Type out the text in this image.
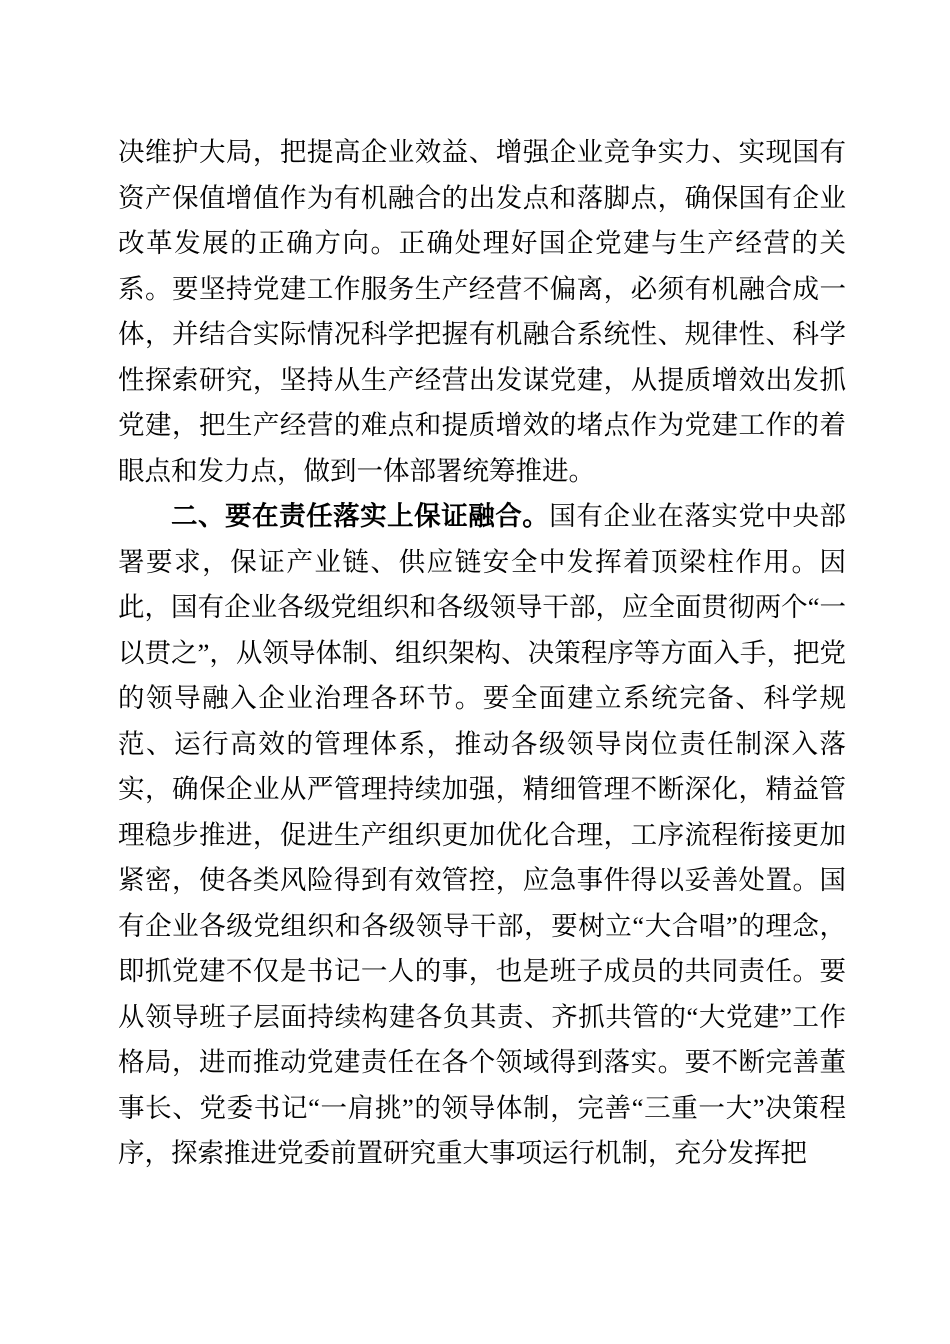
决维护大局，把提高企业效益、增强企业竞争实力、实现国有资产保值增值作为有机融合的出发点和落脚点，确保国有企业改革发展的正确方向。正确处理好国企党建与生产经营的关系。要坚持党建工作服务生产经营不偏离，必须有机融合成一体，并结合实际情况科学把握有机融合系统性、规律性、科学性探索研究，坚持从生产经营出发谋党建，从提质增效出发抓党建，把生产经营的难点和提质增效的堵点作为党建工作的着眼点和发力点，做到一体部署统筹推进。

二、要在责任落实上保证融合。国有企业在落实党中央部署要求，保证产业链、供应链安全中发挥着顶梁柱作用。因此，国有企业各级党组织和各级领导干部，应全面贯彻两个“一以贯之”，从领导体制、组织架构、决策程序等方面入手，把党的领导融入企业治理各环节。要全面建立系统完备、科学规范、运行高效的管理体系，推动各级领导岗位责任制深入落实，确保企业从严管理持续加强，精细管理不断深化，精益管理稳步推进，促进生产组织更加优化合理，工序流程衔接更加紧密，使各类风险得到有效管控，应急事件得以妥善处置。国有企业各级党组织和各级领导干部，要树立“大合唱”的理念，即抓党建不仅是书记一人的事，也是班子成员的共同责任。要从领导班子层面持续构建各负其责、齐抓共管的“大党建”工作格局，进而推动党建责任在各个领域得到落实。要不断完善董事长、党委书记“一肩挑”的领导体制，完善“三重一大”决策程序，探索推进党委前置研究重大事项运行机制，充分发挥把
